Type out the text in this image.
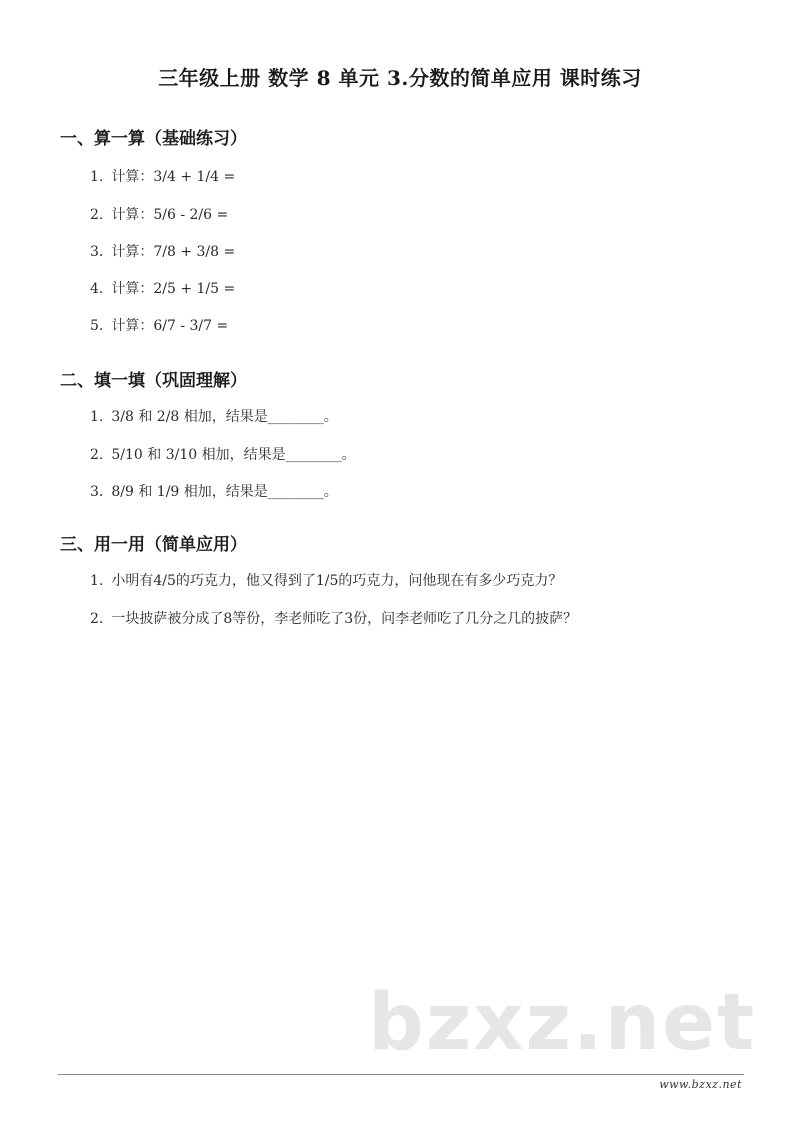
三年级上册 数学 8 单元 3.分数的简单应用 课时练习
一、算一算（基础练习）
1. 计算：3/4 + 1/4 =
2. 计算：5/6 - 2/6 =
3. 计算：7/8 + 3/8 =
4. 计算：2/5 + 1/5 =
5. 计算：6/7 - 3/7 =
二、填一填（巩固理解）
1. 3/8 和 2/8 相加，结果是________。
2. 5/10 和 3/10 相加，结果是________。
3. 8/9 和 1/9 相加，结果是________。
三、用一用（简单应用）
1. 小明有4/5的巧克力，他又得到了1/5的巧克力，问他现在有多少巧克力？
2. 一块披萨被分成了8等份，李老师吃了3份，问李老师吃了几分之几的披萨？
bzxz.net
www.bzxz.net
